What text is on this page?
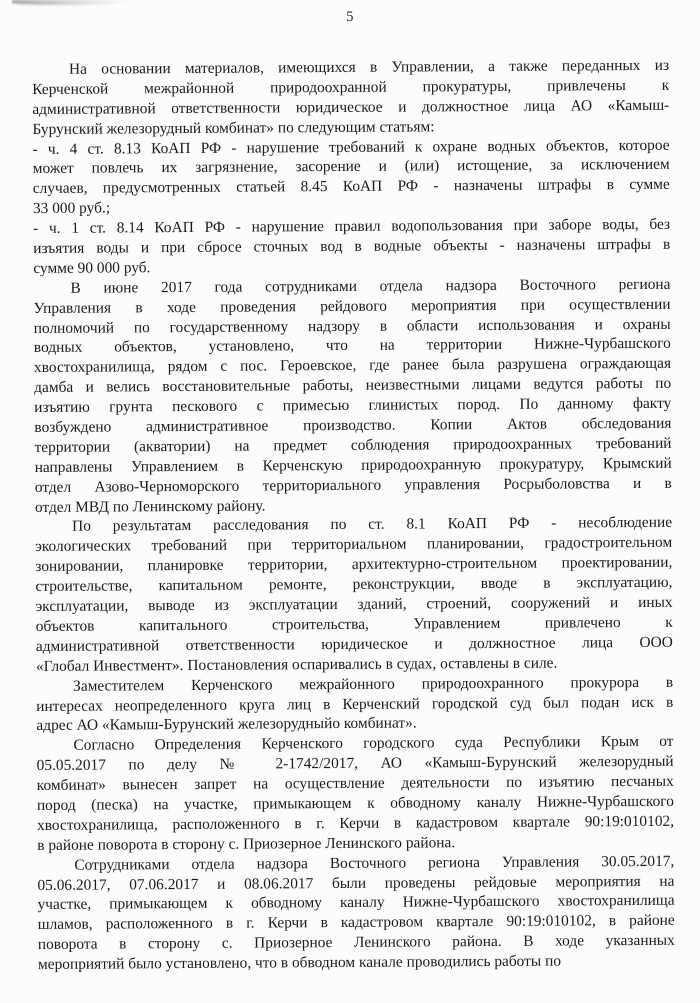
5
На основании материалов, имеющихся в Управлении, а также переданных из
Керченской межрайонной природоохранной прокуратуры, привлечены к
административной ответственности юридическое и должностное лица АО «Камыш-
Бурунский железорудный комбинат» по следующим статьям:
- ч. 4 ст. 8.13 КоАП РФ - нарушение требований к охране водных объектов, которое
может повлечь их загрязнение, засорение и (или) истощение, за исключением
случаев, предусмотренных статьей 8.45 КоАП РФ - назначены штрафы в сумме
33 000 руб.;
- ч. 1 ст. 8.14 КоАП РФ - нарушение правил водопользования при заборе воды, без
изъятия воды и при сбросе сточных вод в водные объекты - назначены штрафы в
сумме 90 000 руб.
В июне 2017 года сотрудниками отдела надзора Восточного региона
Управления в ходе проведения рейдового мероприятия при осуществлении
полномочий по государственному надзору в области использования и охраны
водных объектов, установлено, что на территории Нижне-Чурбашского
хвостохранилища, рядом с пос. Героевское, где ранее была разрушена ограждающая
дамба и велись восстановительные работы, неизвестными лицами ведутся работы по
изъятию грунта пескового с примесью глинистых пород. По данному факту
возбуждено административное производство. Копии Актов обследования
территории (акватории) на предмет соблюдения природоохранных требований
направлены Управлением в Керченскую природоохранную прокуратуру, Крымский
отдел Азово-Черноморского территориального управления Росрыболовства и в
отдел МВД по Ленинскому району.
По результатам расследования по ст. 8.1 КоАП РФ - несоблюдение
экологических требований при территориальном планировании, градостроительном
зонировании, планировке территории, архитектурно-строительном проектировании,
строительстве, капитальном ремонте, реконструкции, вводе в эксплуатацию,
эксплуатации, выводе из эксплуатации зданий, строений, сооружений и иных
объектов капитального строительства, Управлением привлечено к
административной ответственности юридическое и должностное лица ООО
«Глобал Инвестмент». Постановления оспаривались в судах, оставлены в силе.
Заместителем Керченского межрайонного природоохранного прокурора в
интересах неопределенного круга лиц в Керченский городской суд был подан иск в
адрес АО «Камыш-Бурунский железорудныйо комбинат».
Согласно Определения Керченского городского суда Республики Крым от
05.05.2017 по делу № 2-1742/2017, АО «Камыш-Бурунский железорудный
комбинат» вынесен запрет на осуществление деятельности по изъятию песчаных
пород (песка) на участке, примыкающем к обводному каналу Нижне-Чурбашского
хвостохранилища, расположенного в г. Керчи в кадастровом квартале 90:19:010102,
в районе поворота в сторону с. Приозерное Ленинского района.
Сотрудниками отдела надзора Восточного региона Управления 30.05.2017,
05.06.2017, 07.06.2017 и 08.06.2017 были проведены рейдовые мероприятия на
участке, примыкающем к обводному каналу Нижне-Чурбашского хвостохранилища
шламов, расположенного в г. Керчи в кадастровом квартале 90:19:010102, в районе
поворота в сторону с. Приозерное Ленинского района. В ходе указанных
мероприятий было установлено, что в обводном канале проводились работы по
